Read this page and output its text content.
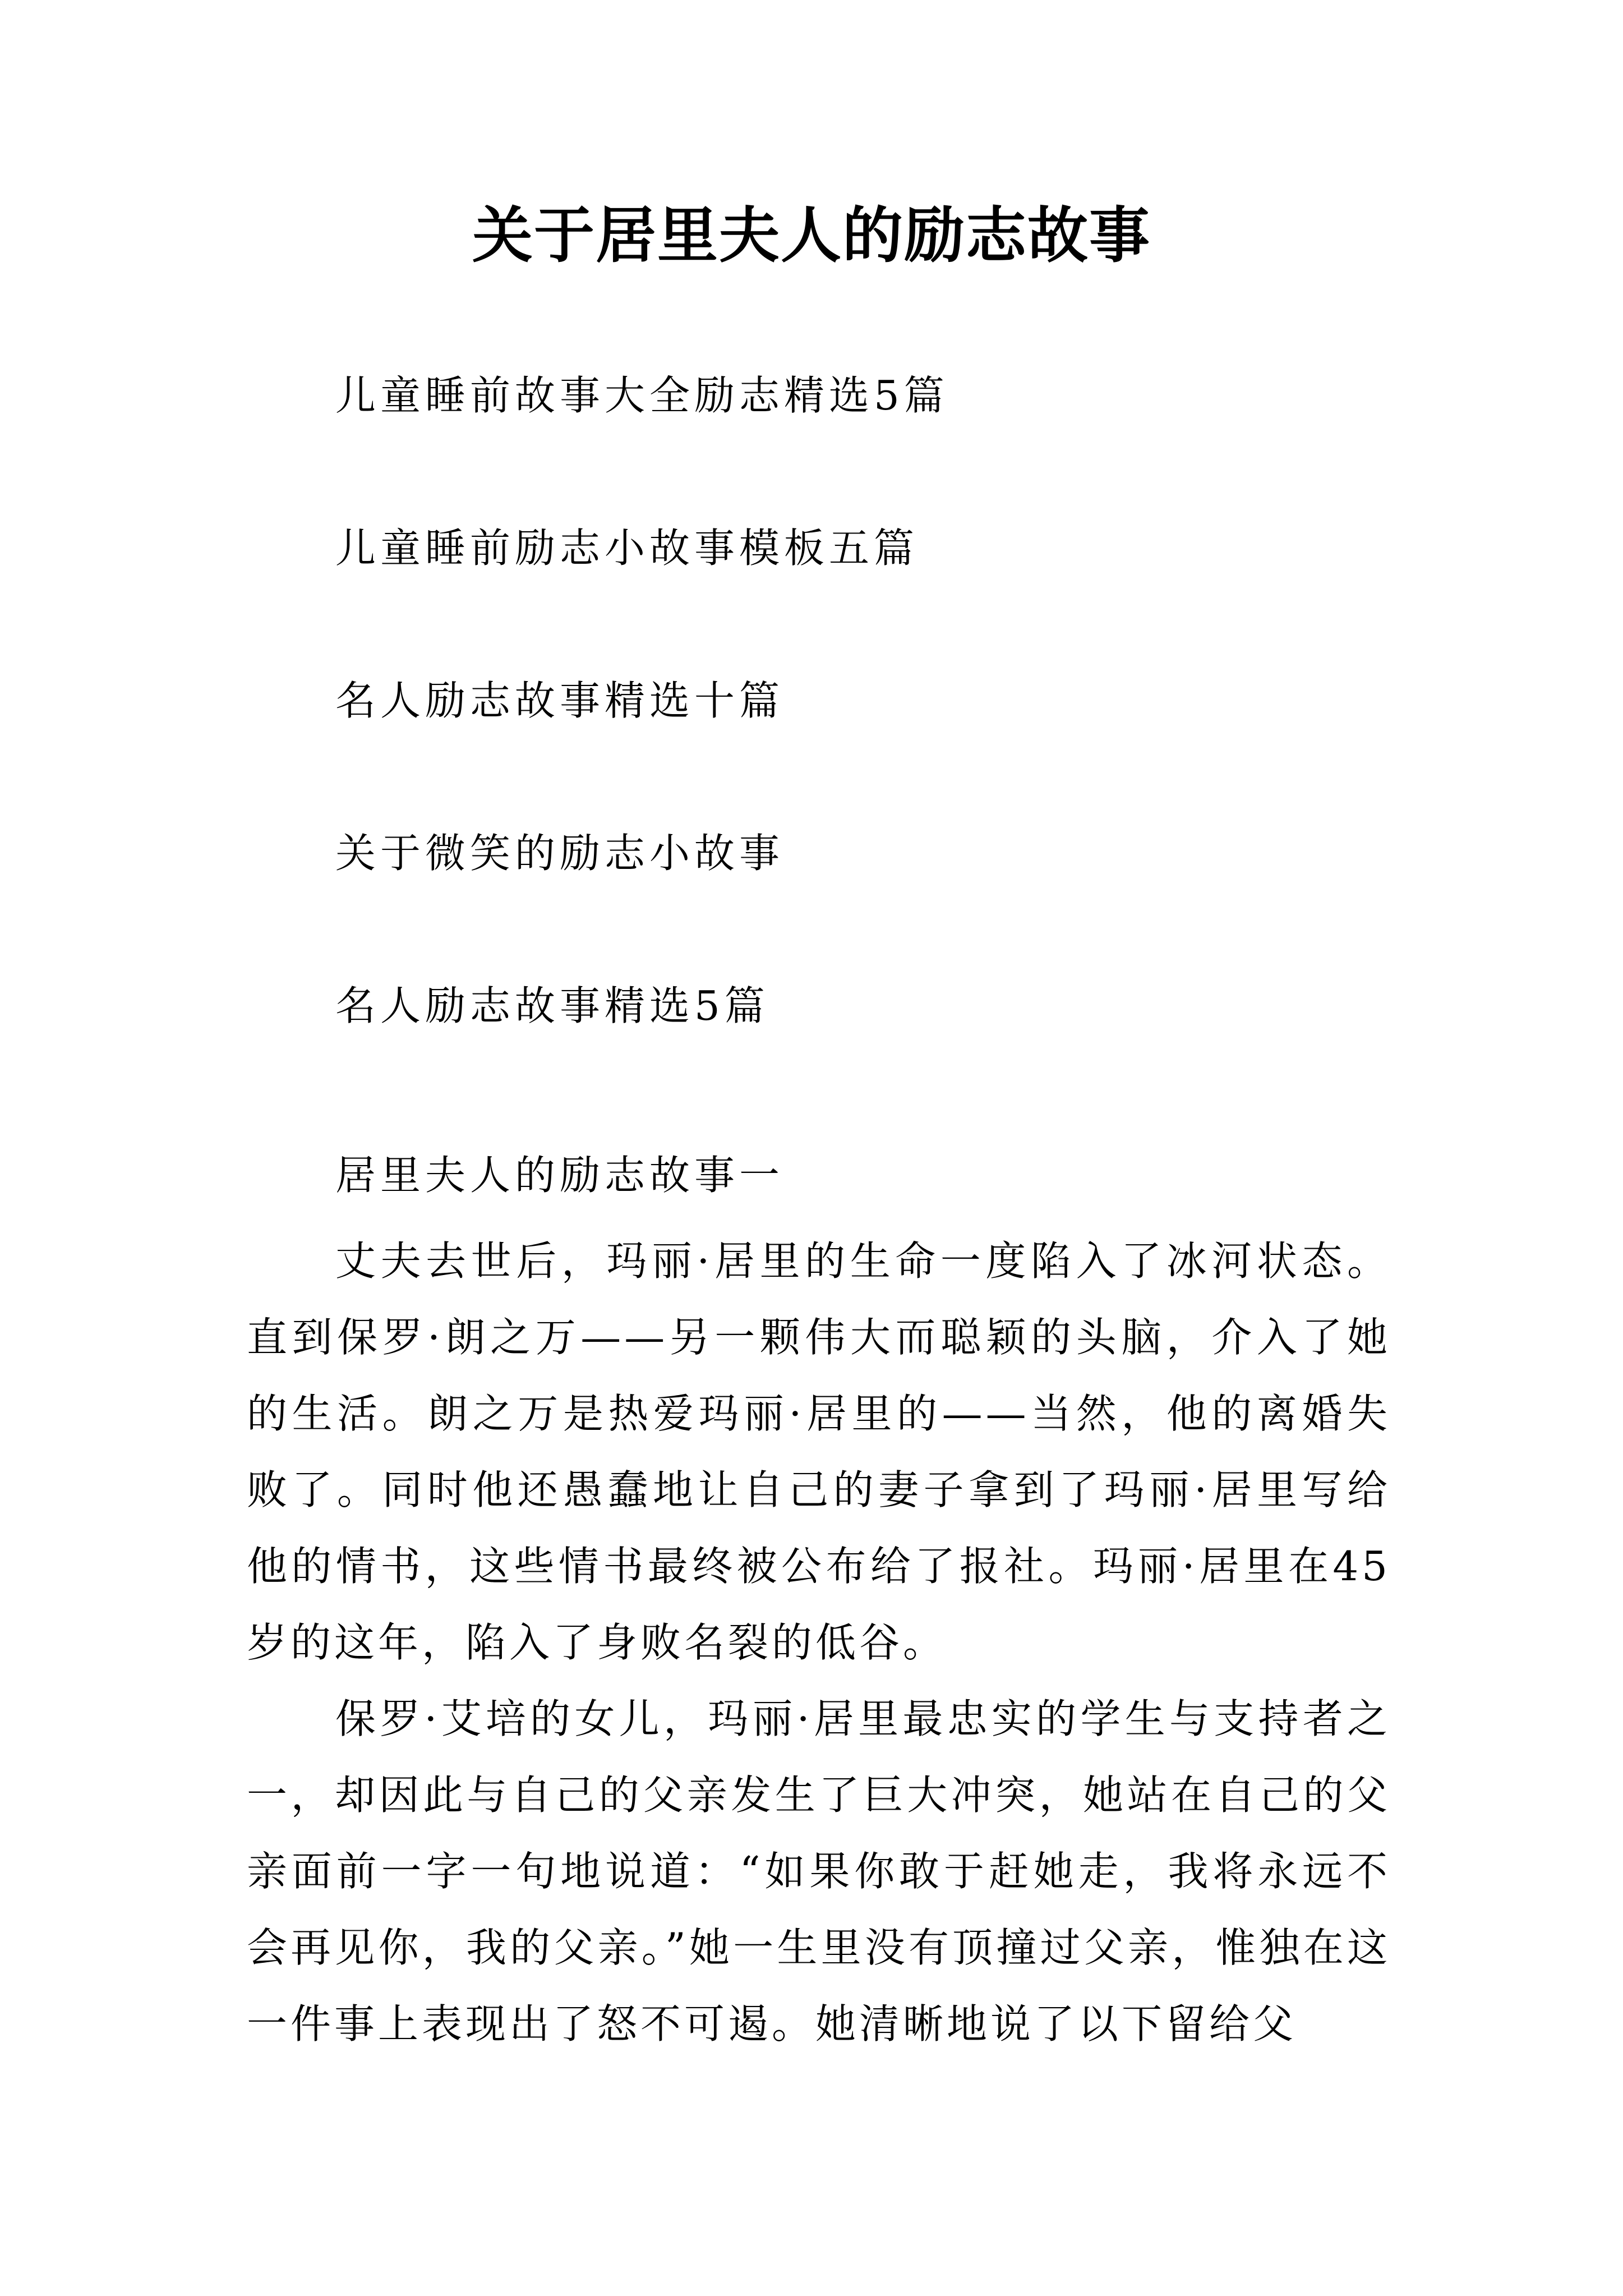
关于居里夫人的励志故事
儿童睡前故事大全励志精选5篇
儿童睡前励志小故事模板五篇
名人励志故事精选十篇
关于微笑的励志小故事
名人励志故事精选5篇
居里夫人的励志故事一

丈夫去世后，玛丽·居里的生命一度陷入了冰河状态。直到保罗·朗之万——另一颗伟大而聪颖的头脑，介入了她的生活。朗之万是热爱玛丽·居里的——当然，他的离婚失败了。同时他还愚蠢地让自己的妻子拿到了玛丽·居里写给他的情书，这些情书最终被公布给了报社。玛丽·居里在45岁的这年，陷入了身败名裂的低谷。

保罗·艾培的女儿，玛丽·居里最忠实的学生与支持者之一，却因此与自己的父亲发生了巨大冲突，她站在自己的父亲面前一字一句地说道：“如果你敢于赶她走，我将永远不会再见你，我的父亲。”她一生里没有顶撞过父亲，惟独在这一件事上表现出了怒不可遏。她清晰地说了以下留给父
